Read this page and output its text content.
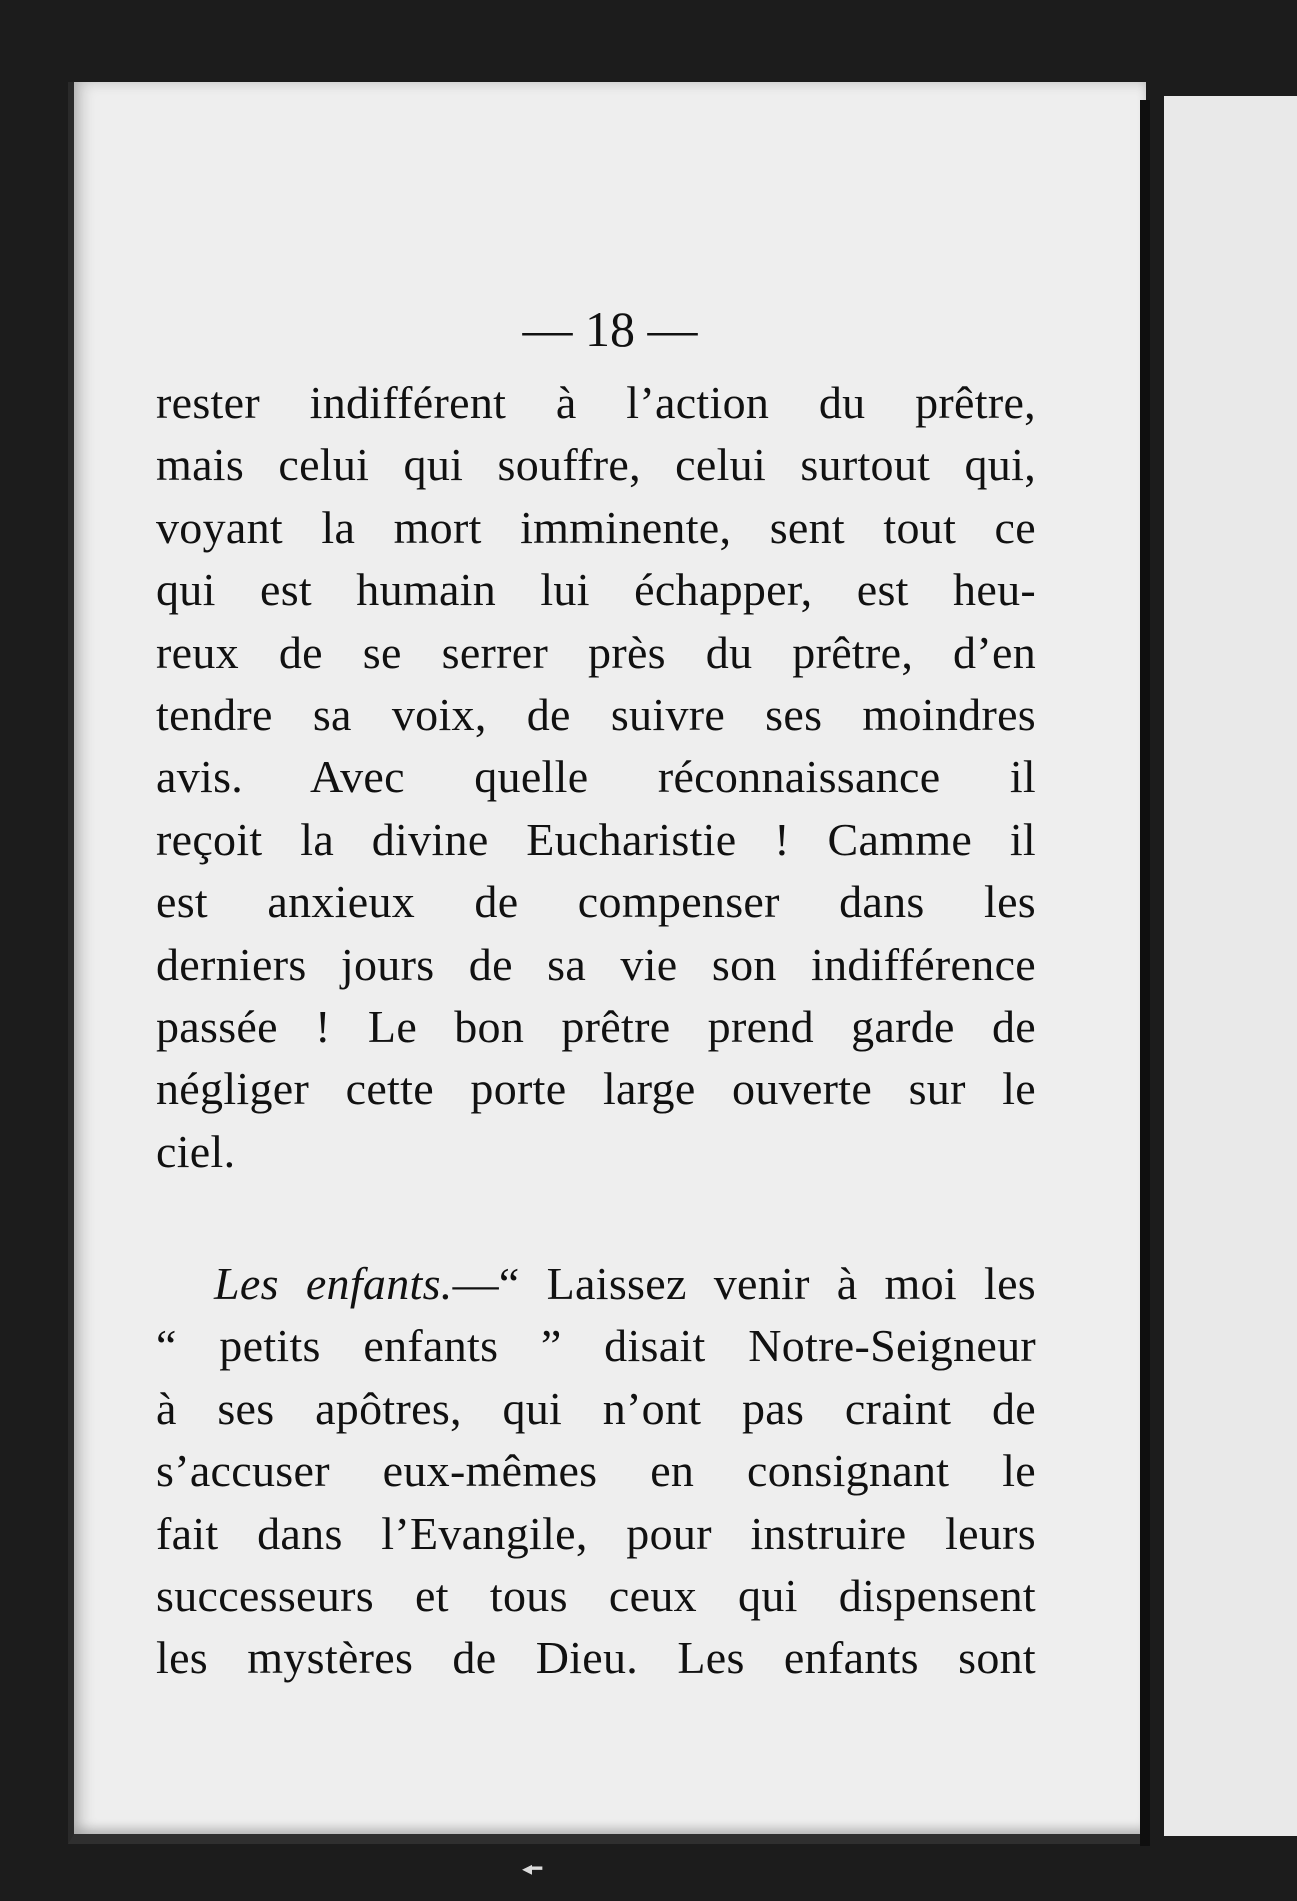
— 18 —
rester indifférent à l’action du prêtre,
mais celui qui souffre, celui surtout qui,
voyant la mort imminente, sent tout ce
qui est humain lui échapper, est heu-
reux de se serrer près du prêtre, d’en
tendre sa voix, de suivre ses moindres
avis. Avec quelle réconnaissance il
reçoit la divine Eucharistie ! Camme il
est anxieux de compenser dans les
derniers jours de sa vie son indifférence
passée ! Le bon prêtre prend garde de
négliger cette porte large ouverte sur le
ciel.
Les enfants.—“ Laissez venir à moi les
“ petits enfants ” disait Notre-Seigneur
à ses apôtres, qui n’ont pas craint de
s’accuser eux-mêmes en consignant le
fait dans l’Evangile, pour instruire leurs
successeurs et tous ceux qui dispensent
les mystères de Dieu. Les enfants sont
◂━
